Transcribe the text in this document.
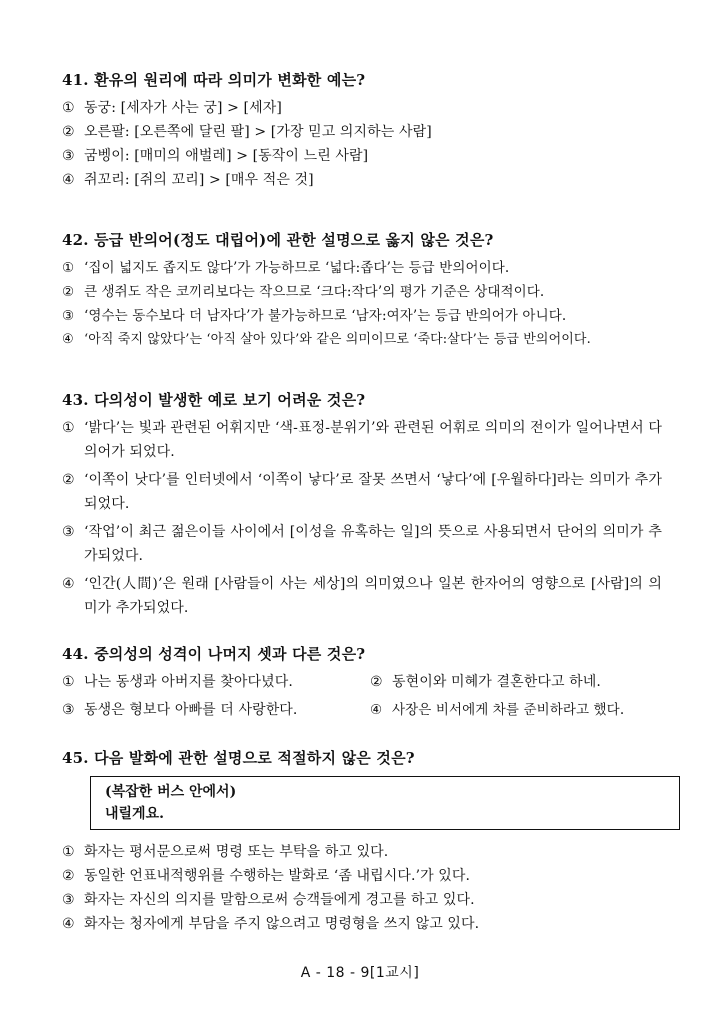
41. 환유의 원리에 따라 의미가 변화한 예는?
① 동궁: [세자가 사는 궁] > [세자]
② 오른팔: [오른쪽에 달린 팔] > [가장 믿고 의지하는 사람]
③ 굼벵이: [매미의 애벌레] > [동작이 느린 사람]
④ 쥐꼬리: [쥐의 꼬리] > [매우 적은 것]
42. 등급 반의어(정도 대립어)에 관한 설명으로 옳지 않은 것은?
① ‘집이 넓지도 좁지도 않다’가 가능하므로 ‘넓다:좁다’는 등급 반의어이다.
② 큰 생쥐도 작은 코끼리보다는 작으므로 ‘크다:작다’의 평가 기준은 상대적이다.
③ ‘영수는 동수보다 더 남자다’가 불가능하므로 ‘남자:여자’는 등급 반의어가 아니다.
④ ‘아직 죽지 않았다’는 ‘아직 살아 있다’와 같은 의미이므로 ‘죽다:살다’는 등급 반의어이다.
43. 다의성이 발생한 예로 보기 어려운 것은?
① ‘밝다’는 빛과 관련된 어휘지만 ‘색-표정-분위기’와 관련된 어휘로 의미의 전이가 일어나면서 다의어가 되었다.
② ‘이쪽이 낫다’를 인터넷에서 ‘이쪽이 낳다’로 잘못 쓰면서 ‘낳다’에 [우월하다]라는 의미가 추가되었다.
③ ‘작업’이 최근 젊은이들 사이에서 [이성을 유혹하는 일]의 뜻으로 사용되면서 단어의 의미가 추가되었다.
④ ‘인간(人間)’은 원래 [사람들이 사는 세상]의 의미였으나 일본 한자어의 영향으로 [사람]의 의미가 추가되었다.
44. 중의성의 성격이 나머지 셋과 다른 것은?
① 나는 동생과 아버지를 찾아다녔다.	② 동현이와 미혜가 결혼한다고 하네.
③ 동생은 형보다 아빠를 더 사랑한다.	④ 사장은 비서에게 차를 준비하라고 했다.
45. 다음 발화에 관한 설명으로 적절하지 않은 것은?
(복잡한 버스 안에서)
내릴게요.
① 화자는 평서문으로써 명령 또는 부탁을 하고 있다.
② 동일한 언표내적행위를 수행하는 발화로 ‘좀 내립시다.’가 있다.
③ 화자는 자신의 의지를 말함으로써 승객들에게 경고를 하고 있다.
④ 화자는 청자에게 부담을 주지 않으려고 명령형을 쓰지 않고 있다.
A - 18 - 9[1교시]
